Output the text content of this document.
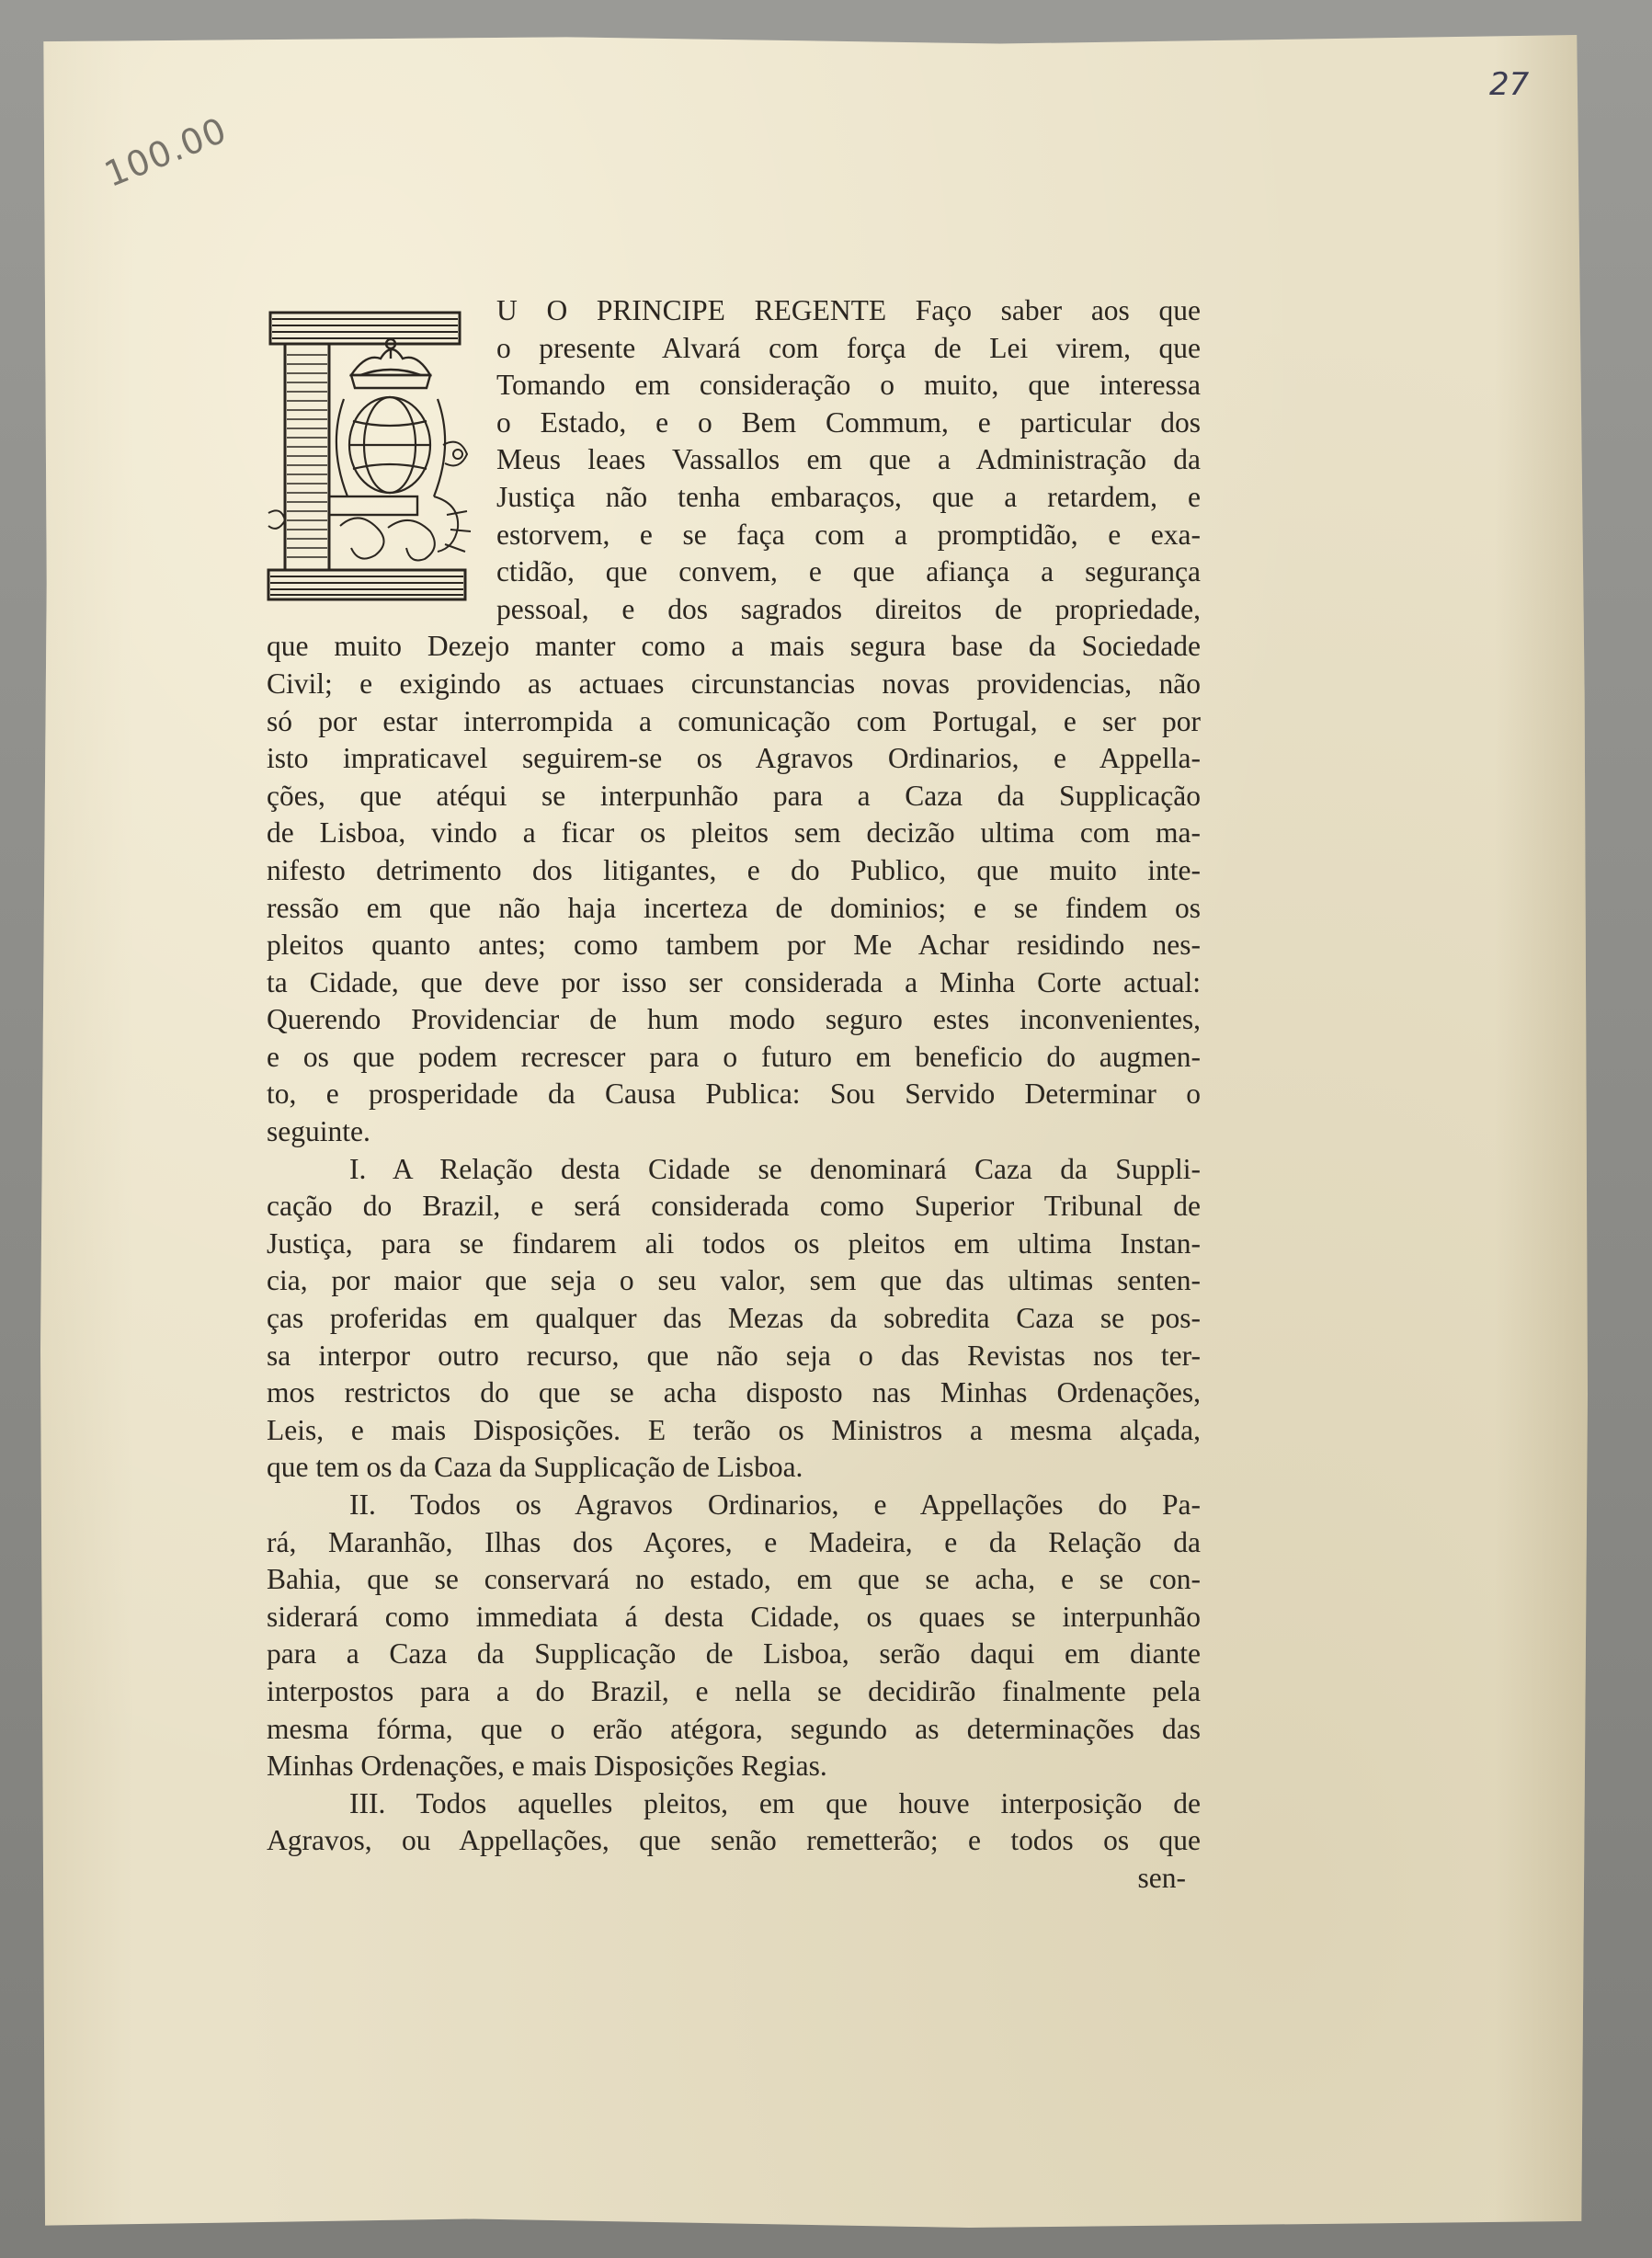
27
100.00
U O PRINCIPE REGENTE Faço saber aos que
o presente Alvará com força de Lei virem, que
Tomando em consideração o muito, que interessa
o Estado, e o Bem Commum, e particular dos
Meus leaes Vassallos em que a Administração da
Justiça não tenha embaraços, que a retardem, e
estorvem, e se faça com a promptidão, e exa-
ctidão, que convem, e que afiança a segurança
pessoal, e dos sagrados direitos de propriedade,
que muito Dezejo manter como a mais segura base da Sociedade
Civil; e exigindo as actuaes circunstancias novas providencias, não
só por estar interrompida a comunicação com Portugal, e ser por
isto impraticavel seguirem-se os Agravos Ordinarios, e Appella-
ções, que atéqui se interpunhão para a Caza da Supplicação
de Lisboa, vindo a ficar os pleitos sem decizão ultima com ma-
nifesto detrimento dos litigantes, e do Publico, que muito inte-
ressão em que não haja incerteza de dominios; e se findem os
pleitos quanto antes; como tambem por Me Achar residindo nes-
ta Cidade, que deve por isso ser considerada a Minha Corte actual:
Querendo Providenciar de hum modo seguro estes inconvenientes,
e os que podem recrescer para o futuro em beneficio do augmen-
to, e prosperidade da Causa Publica: Sou Servido Determinar o
seguinte.
I. A Relação desta Cidade se denominará Caza da Suppli-
cação do Brazil, e será considerada como Superior Tribunal de
Justiça, para se findarem ali todos os pleitos em ultima Instan-
cia, por maior que seja o seu valor, sem que das ultimas senten-
ças proferidas em qualquer das Mezas da sobredita Caza se pos-
sa interpor outro recurso, que não seja o das Revistas nos ter-
mos restrictos do que se acha disposto nas Minhas Ordenações,
Leis, e mais Disposições. E terão os Ministros a mesma alçada,
que tem os da Caza da Supplicação de Lisboa.
II. Todos os Agravos Ordinarios, e Appellações do Pa-
rá, Maranhão, Ilhas dos Açores, e Madeira, e da Relação da
Bahia, que se conservará no estado, em que se acha, e se con-
siderará como immediata á desta Cidade, os quaes se interpunhão
para a Caza da Supplicação de Lisboa, serão daqui em diante
interpostos para a do Brazil, e nella se decidirão finalmente pela
mesma fórma, que o erão atégora, segundo as determinações das
Minhas Ordenações, e mais Disposições Regias.
III. Todos aquelles pleitos, em que houve interposição de
Agravos, ou Appellações, que senão remetterão; e todos os que
sen-
